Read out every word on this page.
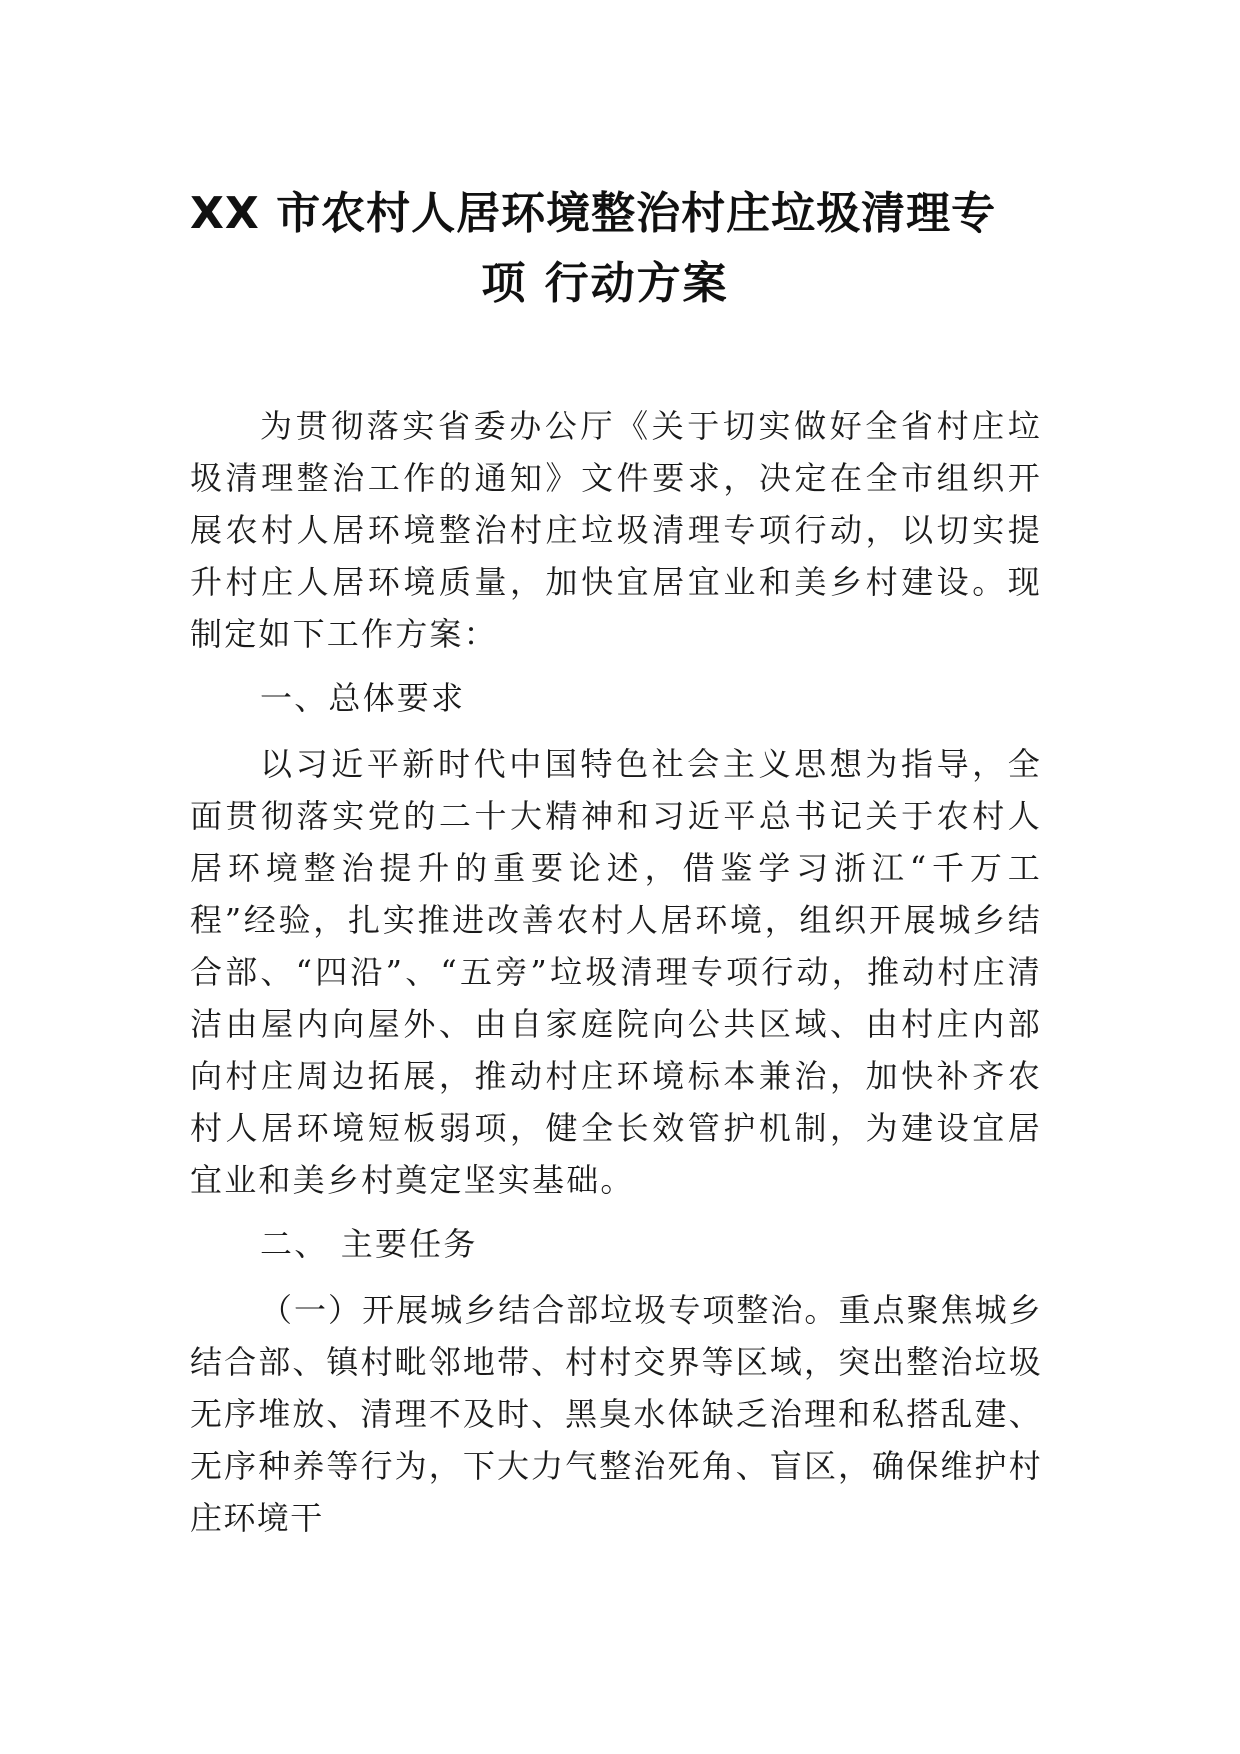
XX 市农村人居环境整治村庄垃圾清理专
项 行动方案

为贯彻落实省委办公厅《关于切实做好全省村庄垃圾清理整治工作的通知》文件要求，决定在全市组织开展农村人居环境整治村庄垃圾清理专项行动，以切实提升村庄人居环境质量，加快宜居宜业和美乡村建设。现制定如下工作方案：

一、总体要求

以习近平新时代中国特色社会主义思想为指导，全面贯彻落实党的二十大精神和习近平总书记关于农村人居环境整治提升的重要论述，借鉴学习浙江“千万工程”经验，扎实推进改善农村人居环境，组织开展城乡结合部、“四沿”、“五旁”垃圾清理专项行动，推动村庄清洁由屋内向屋外、由自家庭院向公共区域、由村庄内部向村庄周边拓展，推动村庄环境标本兼治，加快补齐农村人居环境短板弱项，健全长效管护机制，为建设宜居宜业和美乡村奠定坚实基础。

二、 主要任务

（一）开展城乡结合部垃圾专项整治。重点聚焦城乡结合部、镇村毗邻地带、村村交界等区域，突出整治垃圾无序堆放、清理不及时、黑臭水体缺乏治理和私搭乱建、无序种养等行为，下大力气整治死角、盲区，确保维护村庄环境干
